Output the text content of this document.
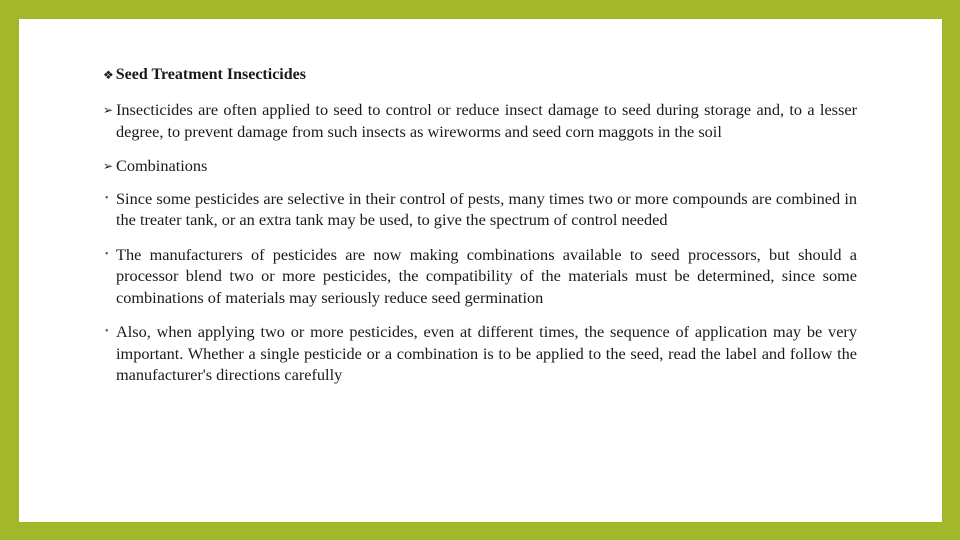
❖ Seed Treatment Insecticides

➢ Insecticides are often applied to seed to control or reduce insect damage to seed during storage and, to a lesser degree, to prevent damage from such insects as wireworms and seed corn maggots in the soil

➢ Combinations

• Since some pesticides are selective in their control of pests, many times two or more compounds are combined in the treater tank, or an extra tank may be used, to give the spectrum of control needed

• The manufacturers of pesticides are now making combinations available to seed processors, but should a processor blend two or more pesticides, the compatibility of the materials must be determined, since some combinations of materials may seriously reduce seed germination

• Also, when applying two or more pesticides, even at different times, the sequence of application may be very important. Whether a single pesticide or a combination is to be applied to the seed, read the label and follow the manufacturer's directions carefully
